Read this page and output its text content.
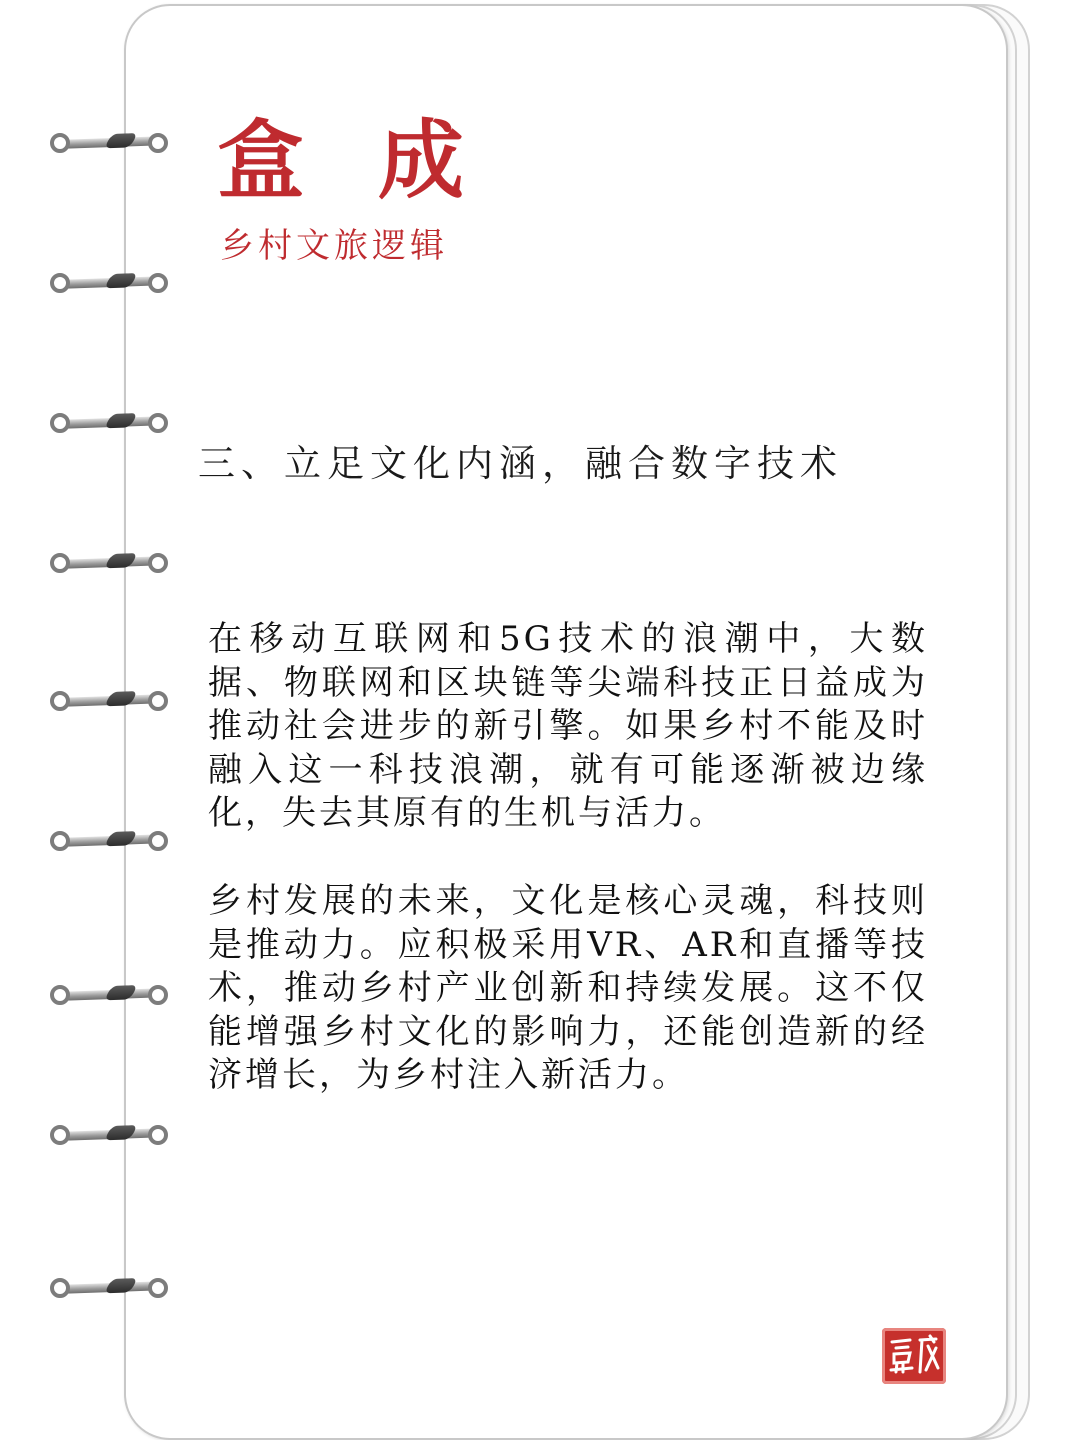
盒 成

乡村文旅逻辑

三、立足文化内涵，融合数字技术

在移动互联网和5G技术的浪潮中，大数据、物联网和区块链等尖端科技正日益成为推动社会进步的新引擎。如果乡村不能及时融入这一科技浪潮，就有可能逐渐被边缘化，失去其原有的生机与活力。

乡村发展的未来，文化是核心灵魂，科技则是推动力。应积极采用VR、AR和直播等技术，推动乡村产业创新和持续发展。这不仅能增强乡村文化的影响力，还能创造新的经济增长，为乡村注入新活力。
